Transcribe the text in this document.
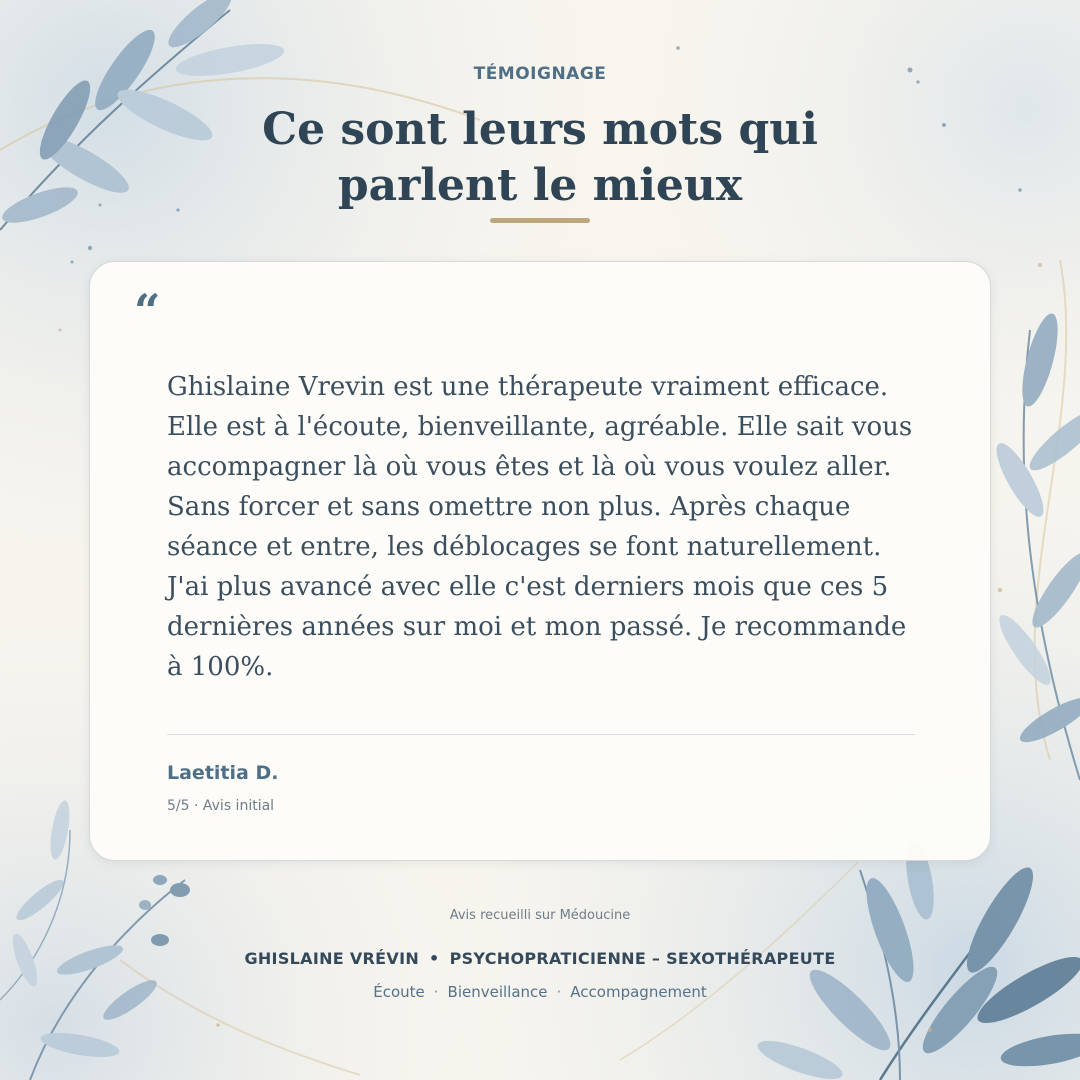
TÉMOIGNAGE
Ce sont leurs mots qui
parlent le mieux
“

Ghislaine Vrevin est une thérapeute vraiment efficace. Elle est à l'écoute, bienveillante, agréable. Elle sait vous accompagner là où vous êtes et là où vous voulez aller. Sans forcer et sans omettre non plus. Après chaque séance et entre, les déblocages se font naturellement. J'ai plus avancé avec elle c'est derniers mois que ces 5 dernières années sur moi et mon passé. Je recommande à 100%.

Laetitia D.
5/5 · Avis initial
Avis recueilli sur Médoucine
GHISLAINE VRÉVIN • PSYCHOPRATICIENNE – SEXOTHÉRAPEUTE
Écoute · Bienveillance · Accompagnement
